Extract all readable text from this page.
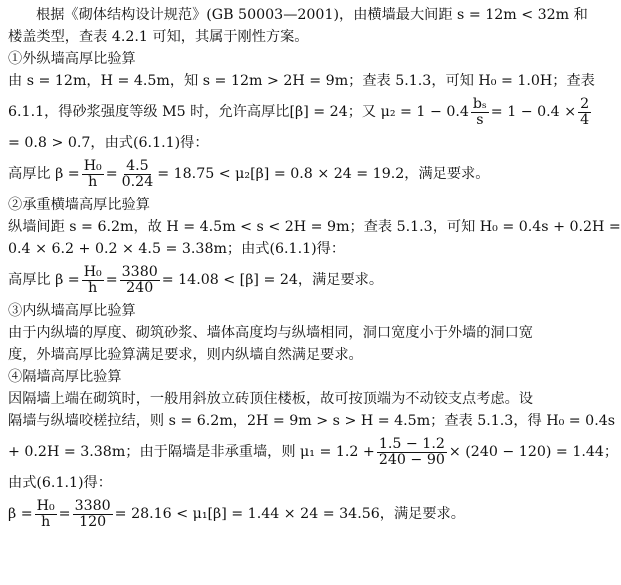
根据《砌体结构设计规范》(GB 50003—2001)，由横墙最大间距 s = 12m < 32m 和
楼盖类型，查表 4.2.1 可知，其属于刚性方案。
①外纵墙高厚比验算
由 s = 12m，H = 4.5m，知 s = 12m > 2H = 9m；查表 5.1.3，可知 H₀ = 1.0H；查表
6.1.1，得砂浆强度等级 M5 时，允许高厚比[β] = 24；又 $\mu_2 = 1 - 0.4 \frac{\text{bₛ}}{s} = 1 - 0.4 \times \frac{2}{4}$
= 0.8 > 0.7，由式(6.1.1)得：
高厚比 $\beta = \frac{\text{H₀}}{h} = \frac{4.5}{0.24} = 18.75 < \mu_2[\beta] = 0.8 \times 24 = 19.2$，满足要求。
②承重横墙高厚比验算
纵墙间距 s = 6.2m，故 H = 4.5m < s < 2H = 9m；查表 5.1.3，可知 H₀ = 0.4s + 0.2H =
0.4 × 6.2 + 0.2 × 4.5 = 3.38m；由式(6.1.1)得：
高厚比 $\beta = \frac{\text{H₀}}{h} = \frac{3380}{240} = 14.08 < [\beta] = 24$，满足要求。
③内纵墙高厚比验算
由于内纵墙的厚度、砌筑砂浆、墙体高度均与纵墙相同，洞口宽度小于外墙的洞口宽
度，外墙高厚比验算满足要求，则内纵墙自然满足要求。
④隔墙高厚比验算
因隔墙上端在砌筑时，一般用斜放立砖顶住楼板，故可按顶端为不动铰支点考虑。设
隔墙与纵墙咬槎拉结，则 s = 6.2m，2H = 9m > s > H = 4.5m；查表 5.1.3，得 H₀ = 0.4s
+ 0.2H = 3.38m；由于隔墙是非承重墙，则 $\mu_1 = 1.2 + \frac{1.5 - 1.2}{240 - 90} \times (240 - 120) = 1.44$；
由式(6.1.1)得：
$\beta = \frac{\text{H₀}}{h} = \frac{3380}{120} = 28.16 < \mu_1[\beta] = 1.44 \times 24 = 34.56$，满足要求。
